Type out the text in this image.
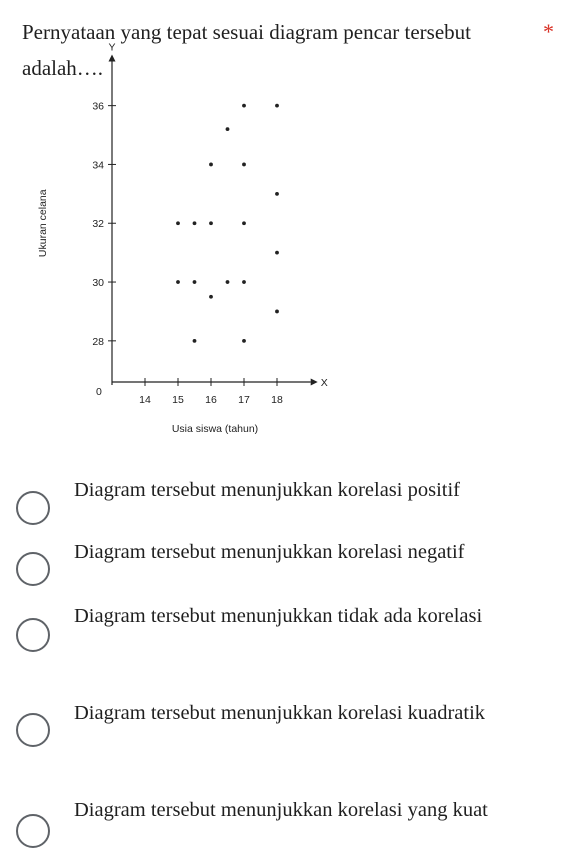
Pernyataan yang tepat sesuai diagram pencar tersebut adalah….
*
14 15 16 17 18
28
30
32
34
36
Usia siswa (tahun)
Ukuran celana
X
Y
0
Diagram tersebut menunjukkan korelasi positif
Diagram tersebut menunjukkan korelasi negatif
Diagram tersebut menunjukkan tidak ada korelasi
Diagram tersebut menunjukkan korelasi kuadratik
Diagram tersebut menunjukkan korelasi yang kuat
